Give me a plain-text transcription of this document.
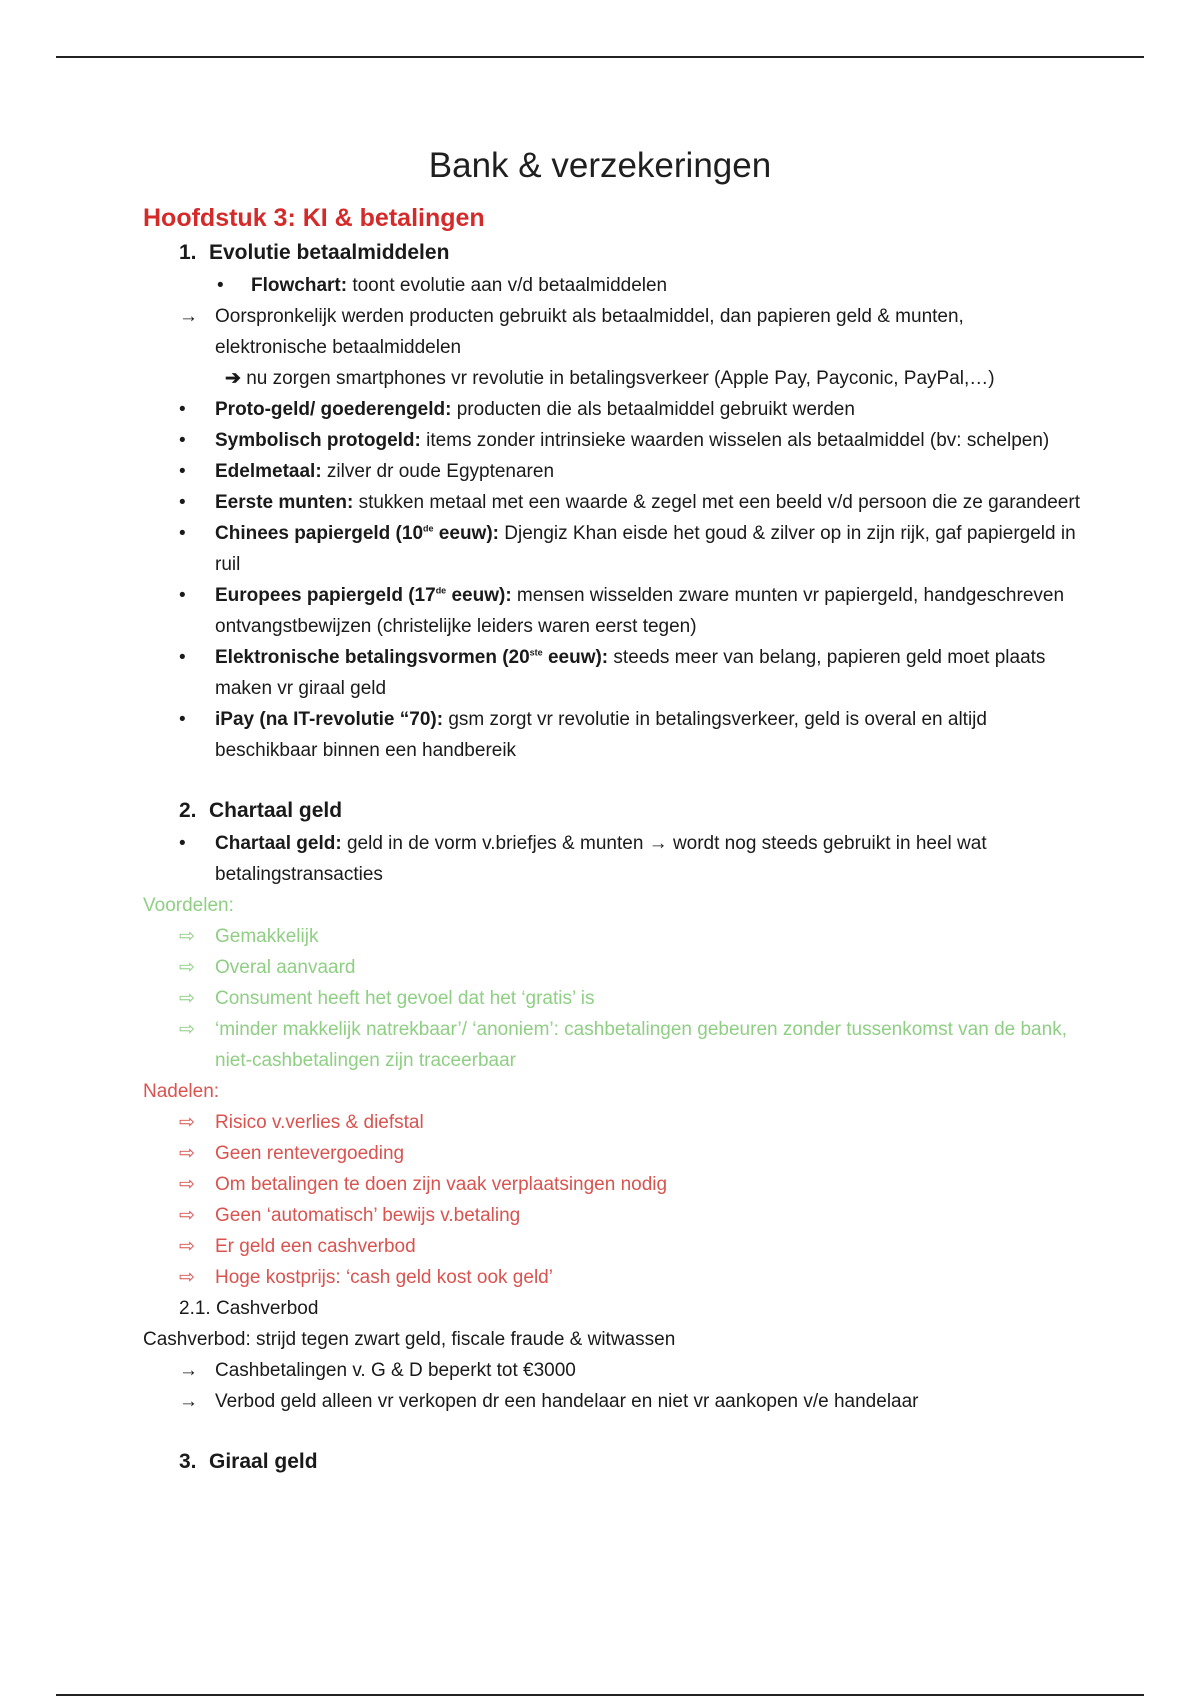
Bank & verzekeringen

Hoofdstuk 3: KI & betalingen

1. Evolutie betaalmiddelen
•	Flowchart: toont evolutie aan v/d betaalmiddelen
→ Oorspronkelijk werden producten gebruikt als betaalmiddel, dan papieren geld & munten,
elektronische betaalmiddelen
➔ nu zorgen smartphones vr revolutie in betalingsverkeer (Apple Pay, Payconic, PayPal,…)
•	Proto-geld/ goederengeld: producten die als betaalmiddel gebruikt werden
•	Symbolisch protogeld: items zonder intrinsieke waarden wisselen als betaalmiddel (bv: schelpen)
•	Edelmetaal: zilver dr oude Egyptenaren
•	Eerste munten: stukken metaal met een waarde & zegel met een beeld v/d persoon die ze garandeert
•	Chinees papiergeld (10de eeuw): Djengiz Khan eisde het goud & zilver op in zijn rijk, gaf papiergeld in ruil
•	Europees papiergeld (17de eeuw): mensen wisselden zware munten vr papiergeld, handgeschreven ontvangstbewijzen (christelijke leiders waren eerst tegen)
•	Elektronische betalingsvormen (20ste eeuw): steeds meer van belang, papieren geld moet plaats maken vr giraal geld
•	iPay (na IT-revolutie “70): gsm zorgt vr revolutie in betalingsverkeer, geld is overal en altijd beschikbaar binnen een handbereik
2. Chartaal geld
•	Chartaal geld: geld in de vorm v.briefjes & munten → wordt nog steeds gebruikt in heel wat betalingstransacties
Voordelen:
⇨	Gemakkelijk
⇨	Overal aanvaard
⇨	Consument heeft het gevoel dat het ‘gratis’ is
⇨	‘minder makkelijk natrekbaar’/ ‘anoniem’: cashbetalingen gebeuren zonder tussenkomst van de bank, niet-cashbetalingen zijn traceerbaar
Nadelen:
⇨	Risico v.verlies & diefstal
⇨	Geen rentevergoeding
⇨	Om betalingen te doen zijn vaak verplaatsingen nodig
⇨	Geen ‘automatisch’ bewijs v.betaling
⇨	Er geld een cashverbod
⇨	Hoge kostprijs: ‘cash geld kost ook geld’
2.1. Cashverbod
Cashverbod: strijd tegen zwart geld, fiscale fraude & witwassen
→ Cashbetalingen v. G & D beperkt tot €3000
→ Verbod geld alleen vr verkopen dr een handelaar en niet vr aankopen v/e handelaar
3. Giraal geld
